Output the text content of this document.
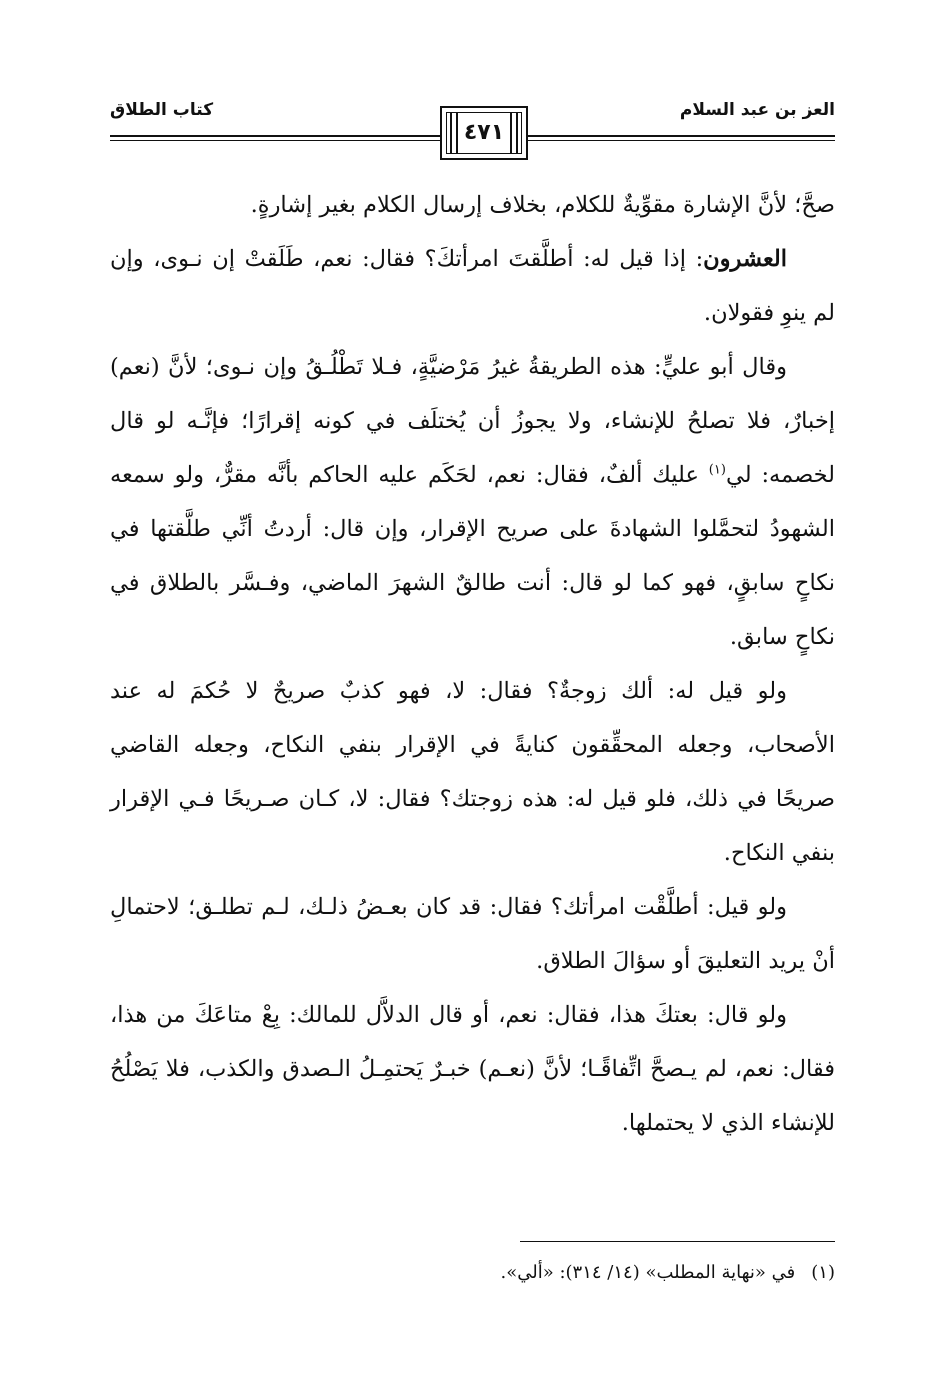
العز بن عبد السلام
كتاب الطلاق
٤٧١

صحَّ؛ لأنَّ الإشارة مقوِّيةٌ للكلام، بخلاف إرسال الكلام بغير إشارةٍ.

العشرون: إذا قيل له: أطلَّقتَ امرأتكَ؟ فقال: نعم، طَلَقتْ إن نـوى، وإن لم ينوِ فقولان.

وقال أبو عليٍّ: هذه الطريقةُ غيرُ مَرْضيَّةٍ، فـلا تَطْلُـقُ وإن نـوى؛ لأنَّ (نعم) إخبارٌ، فلا تصلحُ للإنشاء، ولا يجوزُ أن يُختلَف في كونه إقرارًا؛ فإنَّـه لو قال لخصمه: لي$^{(١)}$ عليك ألفٌ، فقال: نعم، لحَكَم عليه الحاكم بأنَّه مقرٌّ، ولو سمعه الشهودُ لتحمَّلوا الشهادةَ على صريح الإقرار، وإن قال: أردتُ أنِّي طلَّقتها في نكاحٍ سابقٍ، فهو كما لو قال: أنت طالقٌ الشهرَ الماضي، وفـسَّر بالطلاق في نكاحٍ سابق.

ولو قيل له: ألك زوجةٌ؟ فقال: لا، فهو كذبٌ صريحٌ لا حُكمَ له عند الأصحاب، وجعله المحقِّقون كنايةً في الإقرار بنفي النكاح، وجعله القاضي صريحًا في ذلك، فلو قيل له: هذه زوجتك؟ فقال: لا، كـان صـريحًا فـي الإقرار بنفي النكاح.

ولو قيل: أطلَّقْت امرأتك؟ فقال: قد كان بعـضُ ذلـك، لـم تطلـق؛ لاحتمالِ أنْ يريد التعليقَ أو سؤالَ الطلاق.

ولو قال: بعتكَ هذا، فقال: نعم، أو قال الدلاَّل للمالك: بِعْ متاعَكَ من هذا، فقال: نعم، لم يـصحَّ اتِّفاقًـا؛ لأنَّ (نعـم) خبـرٌ يَحتمِـلُ الـصدق والكذب، فلا يَصْلُحُ للإنشاء الذي لا يحتملها.

(١)في «نهاية المطلب» (١٤/ ٣١٤): «ألي».
